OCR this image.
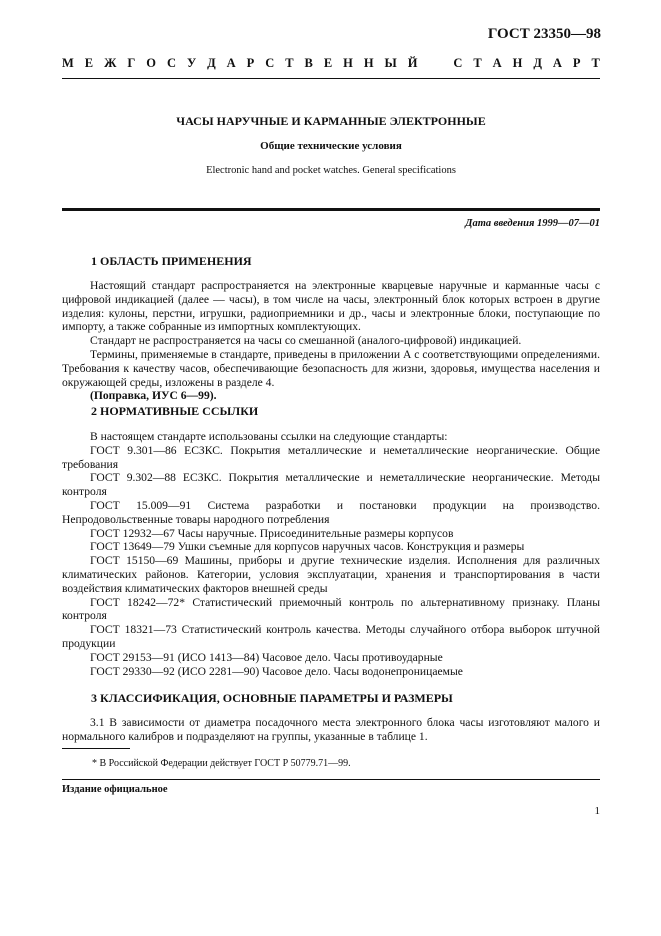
ГОСТ 23350—98
М Е Ж Г О С У Д А Р С Т В Е Н Н Ы Й	С Т А Н Д А Р Т
ЧАСЫ НАРУЧНЫЕ И КАРМАННЫЕ ЭЛЕКТРОННЫЕ
Общие технические условия
Electronic hand and pocket watches. General specifications
Дата введения 1999—07—01
1 ОБЛАСТЬ ПРИМЕНЕНИЯ

Настоящий стандарт распространяется на электронные кварцевые наручные и карманные часы с цифровой индикацией (далее — часы), в том числе на часы, электронный блок которых встроен в другие изделия: кулоны, перстни, игрушки, радиоприемники и др., часы и электронные блоки, поступающие по импорту, а также собранные из импортных комплектующих.

Стандарт не распространяется на часы со смешанной (аналого-цифровой) индикацией.

Термины, применяемые в стандарте, приведены в приложении А с соответствующими определениями. Требования к качеству часов, обеспечивающие безопасность для жизни, здоровья, имущества населения и окружающей среды, изложены в разделе 4.

(Поправка, ИУС 6—99).

2 НОРМАТИВНЫЕ ССЫЛКИ

В настоящем стандарте использованы ссылки на следующие стандарты:

ГОСТ 9.301—86 ЕСЗКС. Покрытия металлические и неметаллические неорганические. Общие требования

ГОСТ 9.302—88 ЕСЗКС. Покрытия металлические и неметаллические неорганические. Методы контроля

ГОСТ 15.009—91 Система разработки и постановки продукции на производство. Непродовольственные товары народного потребления

ГОСТ 12932—67 Часы наручные. Присоединительные размеры корпусов

ГОСТ 13649—79 Ушки съемные для корпусов наручных часов. Конструкция и размеры

ГОСТ 15150—69 Машины, приборы и другие технические изделия. Исполнения для различных климатических районов. Категории, условия эксплуатации, хранения и транспортирования в части воздействия климатических факторов внешней среды

ГОСТ 18242—72* Статистический приемочный контроль по альтернативному признаку. Планы контроля

ГОСТ 18321—73 Статистический контроль качества. Методы случайного отбора выборок штучной продукции

ГОСТ 29153—91 (ИСО 1413—84) Часовое дело. Часы противоударные

ГОСТ 29330—92 (ИСО 2281—90) Часовое дело. Часы водонепроницаемые

3 КЛАССИФИКАЦИЯ, ОСНОВНЫЕ ПАРАМЕТРЫ И РАЗМЕРЫ

3.1 В зависимости от диаметра посадочного места электронного блока часы изготовляют малого и нормального калибров и подразделяют на группы, указанные в таблице 1.

* В Российской Федерации действует ГОСТ Р 50779.71—99.
Издание официальное
1
